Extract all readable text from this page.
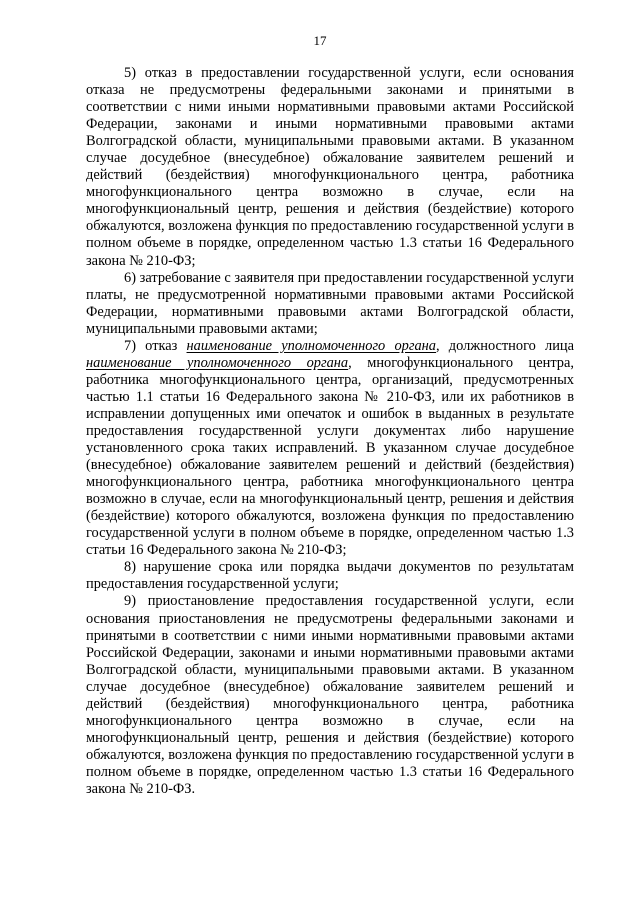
17

5) отказ в предоставлении государственной услуги, если основания отказа не предусмотрены федеральными законами и принятыми в соответствии с ними иными нормативными правовыми актами Российской Федерации, законами и иными нормативными правовыми актами Волгоградской области, муниципальными правовыми актами. В указанном случае досудебное (внесудебное) обжалование заявителем решений и действий (бездействия) многофункционального центра, работника многофункционального центра возможно в случае, если на многофункциональный центр, решения и действия (бездействие) которого обжалуются, возложена функция по предоставлению государственной услуги в полном объеме в порядке, определенном частью 1.3 статьи 16 Федерального закона № 210-ФЗ;

6) затребование с заявителя при предоставлении государственной услуги платы, не предусмотренной нормативными правовыми актами Российской Федерации, нормативными правовыми актами Волгоградской области, муниципальными правовыми актами;

7) отказ наименование уполномоченного органа, должностного лица наименование уполномоченного органа, многофункционального центра, работника многофункционального центра, организаций, предусмотренных частью 1.1 статьи 16 Федерального закона № 210-ФЗ, или их работников в исправлении допущенных ими опечаток и ошибок в выданных в результате предоставления государственной услуги документах либо нарушение установленного срока таких исправлений. В указанном случае досудебное (внесудебное) обжалование заявителем решений и действий (бездействия) многофункционального центра, работника многофункционального центра возможно в случае, если на многофункциональный центр, решения и действия (бездействие) которого обжалуются, возложена функция по предоставлению государственной услуги в полном объеме в порядке, определенном частью 1.3 статьи 16 Федерального закона № 210-ФЗ;

8) нарушение срока или порядка выдачи документов по результатам предоставления государственной услуги;

9) приостановление предоставления государственной услуги, если основания приостановления не предусмотрены федеральными законами и принятыми в соответствии с ними иными нормативными правовыми актами Российской Федерации, законами и иными нормативными правовыми актами Волгоградской области, муниципальными правовыми актами. В указанном случае досудебное (внесудебное) обжалование заявителем решений и действий (бездействия) многофункционального центра, работника многофункционального центра возможно в случае, если на многофункциональный центр, решения и действия (бездействие) которого обжалуются, возложена функция по предоставлению государственной услуги в полном объеме в порядке, определенном частью 1.3 статьи 16 Федерального закона № 210-ФЗ.
